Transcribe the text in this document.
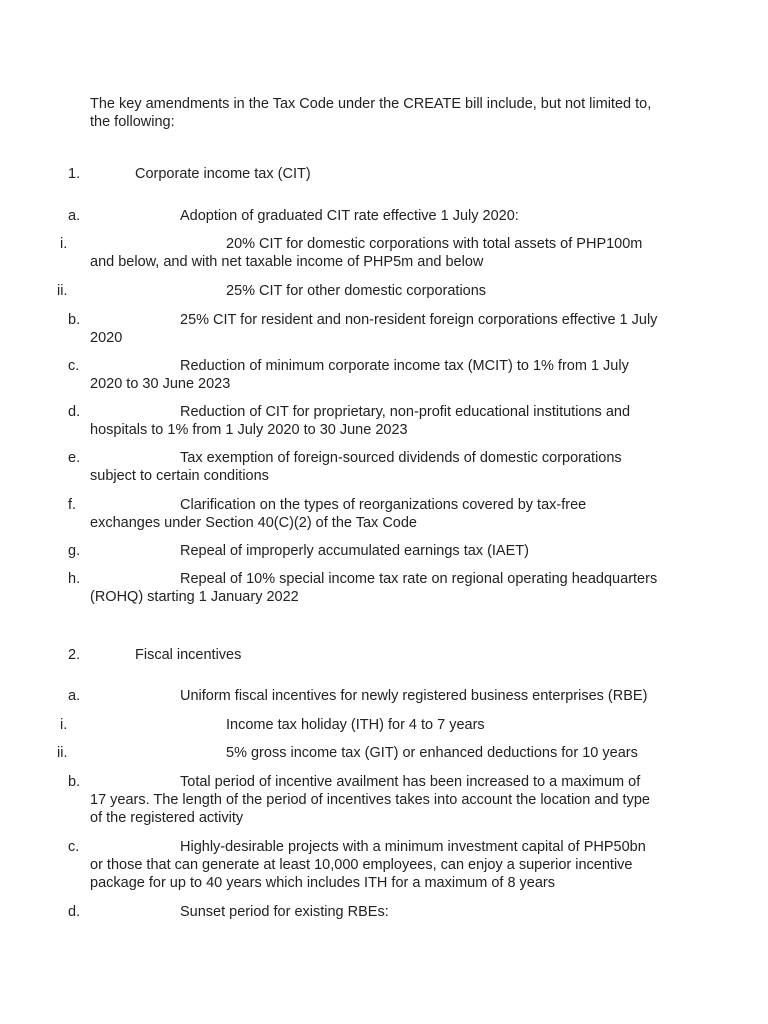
The key amendments in the Tax Code under the CREATE bill include, but not limited to,
the following:
1.	Corporate income tax (CIT)
a.	Adoption of graduated CIT rate effective 1 July 2020:
i.	20% CIT for domestic corporations with total assets of PHP100m
and below, and with net taxable income of PHP5m and below
ii.	25% CIT for other domestic corporations
b.	25% CIT for resident and non-resident foreign corporations effective 1 July
2020
c.	Reduction of minimum corporate income tax (MCIT) to 1% from 1 July
2020 to 30 June 2023
d.	Reduction of CIT for proprietary, non-profit educational institutions and
hospitals to 1% from 1 July 2020 to 30 June 2023
e.	Tax exemption of foreign-sourced dividends of domestic corporations
subject to certain conditions
f.	Clarification on the types of reorganizations covered by tax-free
exchanges under Section 40(C)(2) of the Tax Code
g.	Repeal of improperly accumulated earnings tax (IAET)
h.	Repeal of 10% special income tax rate on regional operating headquarters
(ROHQ) starting 1 January 2022
2.	Fiscal incentives
a.	Uniform fiscal incentives for newly registered business enterprises (RBE)
i.	Income tax holiday (ITH) for 4 to 7 years
ii.	5% gross income tax (GIT) or enhanced deductions for 10 years
b.	Total period of incentive availment has been increased to a maximum of
17 years. The length of the period of incentives takes into account the location and type
of the registered activity
c.	Highly-desirable projects with a minimum investment capital of PHP50bn
or those that can generate at least 10,000 employees, can enjoy a superior incentive
package for up to 40 years which includes ITH for a maximum of 8 years
d.	Sunset period for existing RBEs:
